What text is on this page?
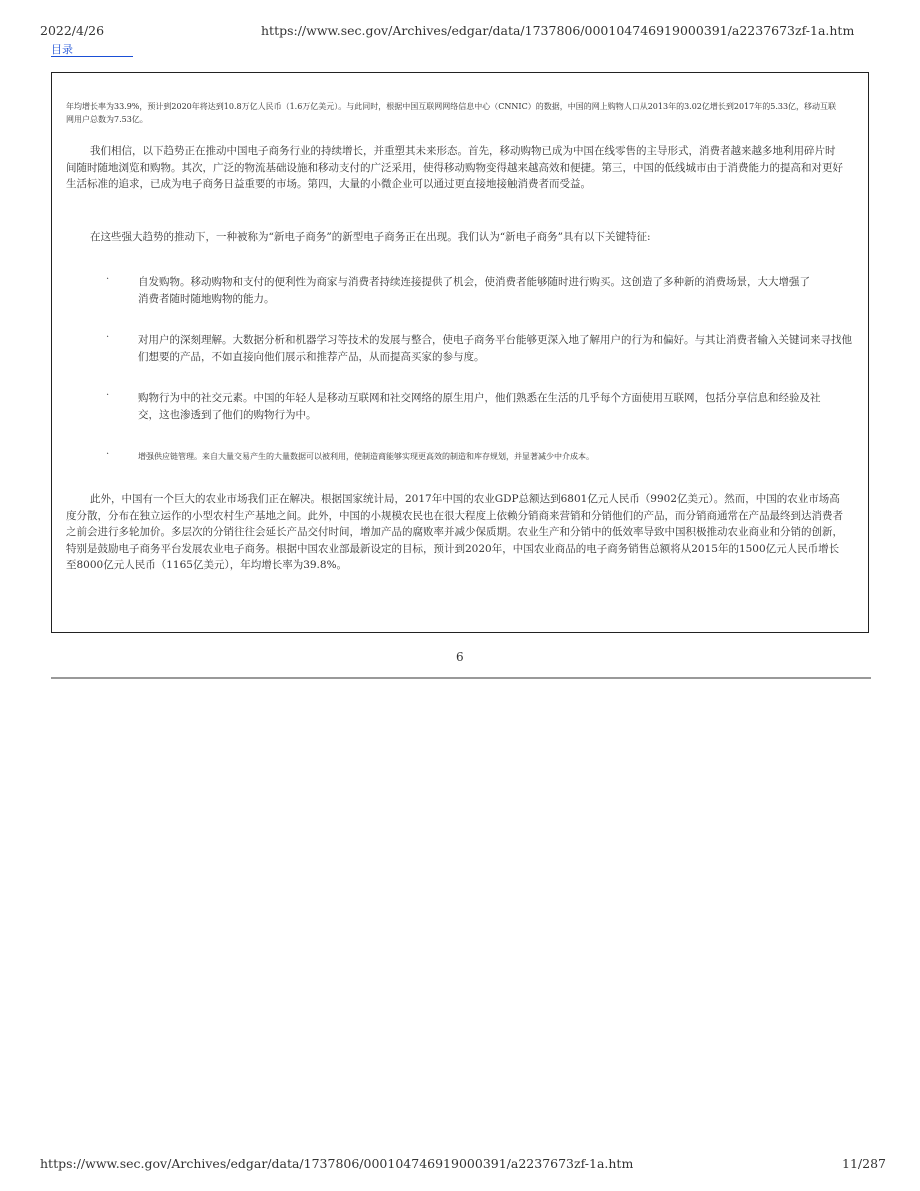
2022/4/26	https://www.sec.gov/Archives/edgar/data/1737806/000104746919000391/a2237673zf-1a.htm
目录
年均增长率为33.9%，预计到2020年将达到10.8万亿人民币（1.6万亿美元）。与此同时，根据中国互联网网络信息中心（CNNIC）的数据，中国的网上购物人口从2013年的3.02亿增长到2017年的5.33亿，移动互联网用户总数为7.53亿。
我们相信，以下趋势正在推动中国电子商务行业的持续增长，并重塑其未来形态。首先，移动购物已成为中国在线零售的主导形式，消费者越来越多地利用碎片时间随时随地浏览和购物。其次，广泛的物流基础设施和移动支付的广泛采用，使得移动购物变得越来越高效和便捷。第三，中国的低线城市由于消费能力的提高和对更好生活标准的追求，已成为电子商务日益重要的市场。第四，大量的小微企业可以通过更直接地接触消费者而受益。
在这些强大趋势的推动下，一种被称为“新电子商务”的新型电子商务正在出现。我们认为“新电子商务”具有以下关键特征:
·	自发购物。移动购物和支付的便利性为商家与消费者持续连接提供了机会，使消费者能够随时进行购买。这创造了多种新的消费场景，大大增强了消费者随时随地购物的能力。
·	对用户的深刻理解。大数据分析和机器学习等技术的发展与整合，使电子商务平台能够更深入地了解用户的行为和偏好。与其让消费者输入关键词来寻找他们想要的产品，不如直接向他们展示和推荐产品，从而提高买家的参与度。
·	购物行为中的社交元素。中国的年轻人是移动互联网和社交网络的原生用户，他们熟悉在生活的几乎每个方面使用互联网，包括分享信息和经验及社交，这也渗透到了他们的购物行为中。
·	增强供应链管理。来自大量交易产生的大量数据可以被利用，使制造商能够实现更高效的制造和库存规划，并显著减少中介成本。
此外，中国有一个巨大的农业市场我们正在解决。根据国家统计局，2017年中国的农业GDP总额达到6801亿元人民币（9902亿美元）。然而，中国的农业市场高度分散，分布在独立运作的小型农村生产基地之间。此外，中国的小规模农民也在很大程度上依赖分销商来营销和分销他们的产品，而分销商通常在产品最终到达消费者之前会进行多轮加价。多层次的分销往往会延长产品交付时间，增加产品的腐败率并减少保质期。农业生产和分销中的低效率导致中国积极推动农业商业和分销的创新，特别是鼓励电子商务平台发展农业电子商务。根据中国农业部最新设定的目标，预计到2020年，中国农业商品的电子商务销售总额将从2015年的1500亿元人民币增长至8000亿元人民币（1165亿美元），年均增长率为39.8%。
6
https://www.sec.gov/Archives/edgar/data/1737806/000104746919000391/a2237673zf-1a.htm	11/287
